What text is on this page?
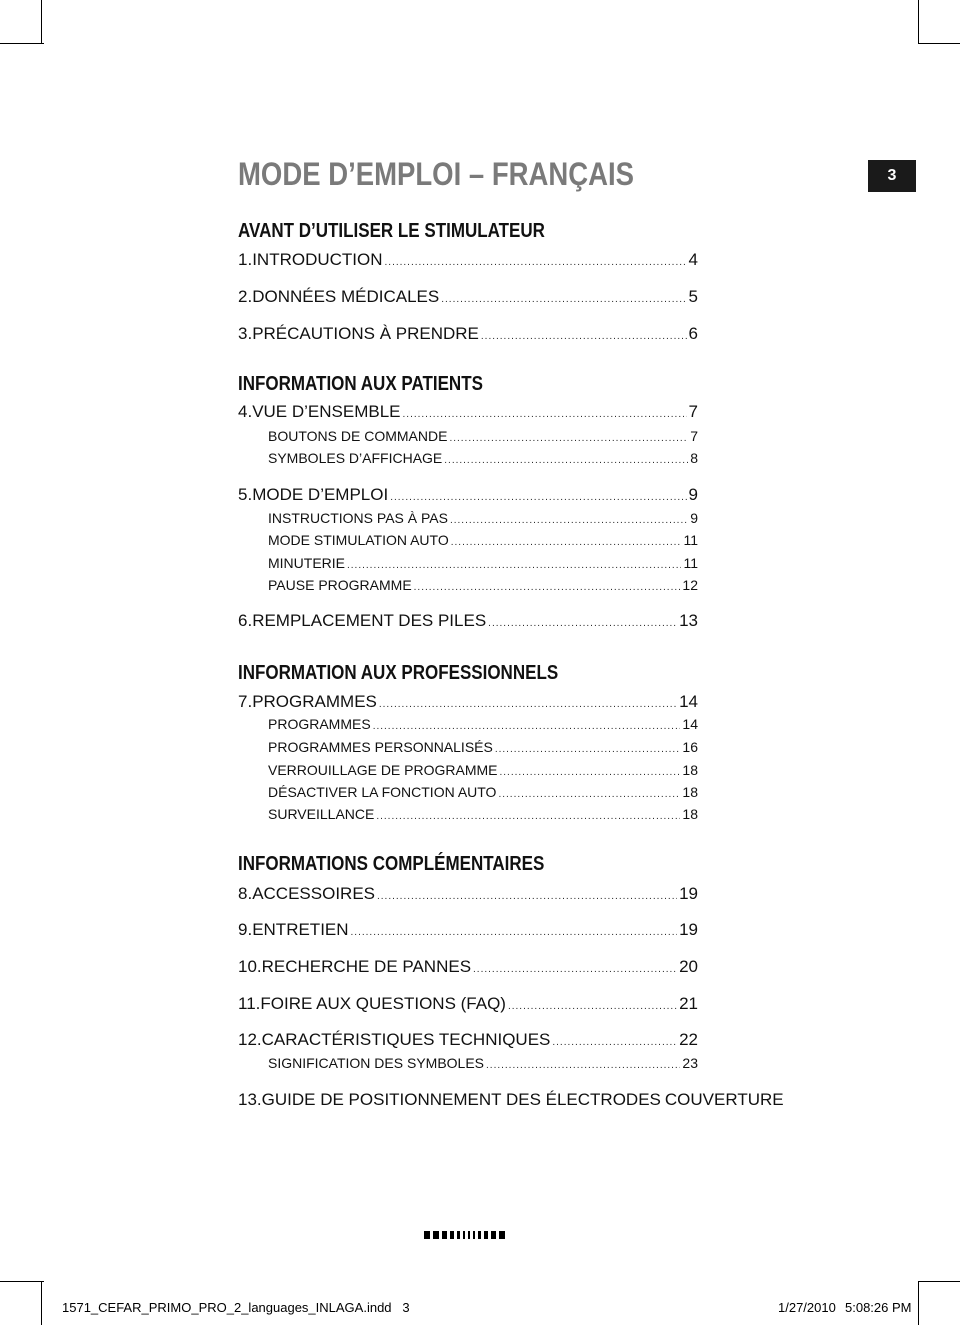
MODE D’EMPLOI – FRANÇAIS	3
AVANT D’UTILISER LE STIMULATEUR
1. INTRODUCTION .....	4
2. DONNÉES MÉDICALES .....	5
3. PRÉCAUTIONS À PRENDRE .....	6
INFORMATION AUX PATIENTS
4. VUE D’ENSEMBLE .....	7
BOUTONS DE COMMANDE .....	7
SYMBOLES D’AFFICHAGE .....	8
5. MODE D’EMPLOI .....	9
INSTRUCTIONS PAS À PAS .....	9
MODE STIMULATION AUTO .....	11
MINUTERIE .....	11
PAUSE PROGRAMME .....	12
6. REMPLACEMENT DES PILES .....	13
INFORMATION AUX PROFESSIONNELS
7. PROGRAMMES .....	14
PROGRAMMES .....	14
PROGRAMMES PERSONNALISÉS .....	16
VERROUILLAGE DE PROGRAMME .....	18
DÉSACTIVER LA FONCTION AUTO .....	18
SURVEILLANCE .....	18
INFORMATIONS COMPLÉMENTAIRES
8. ACCESSOIRES .....	19
9. ENTRETIEN .....	19
10. RECHERCHE DE PANNES .....	20
11. FOIRE AUX QUESTIONS (FAQ) .....	21
12. CARACTÉRISTIQUES TECHNIQUES .....	22
SIGNIFICATION DES SYMBOLES .....	23
13. GUIDE DE POSITIONNEMENT DES ÉLECTRODES COUVERTURE
1571_CEFAR_PRIMO_PRO_2_languages_INLAGA.indd   3	1/27/2010 5:08:26 PM
